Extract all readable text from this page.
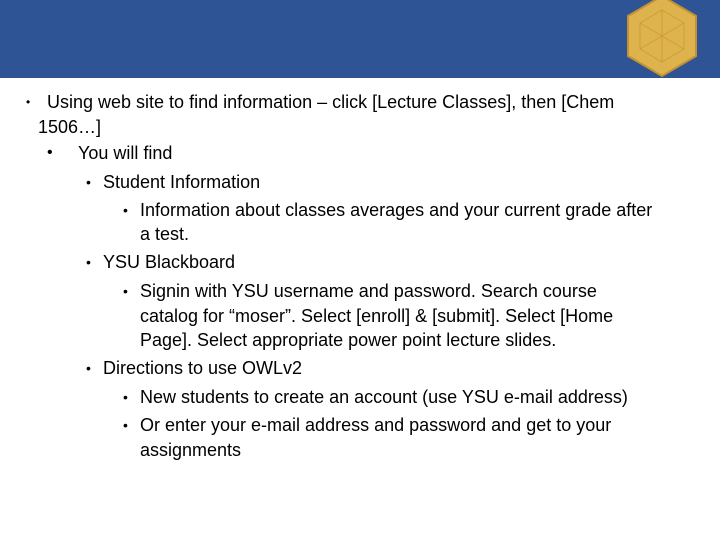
• Using web site to find information – click [Lecture Classes], then [Chem
1506…]
• You will find
• Student Information
• Information about classes averages and your current grade after
a test.
• YSU Blackboard
• Signin with YSU username and password. Search course
catalog for “moser”. Select [enroll] & [submit]. Select [Home
Page]. Select appropriate power point lecture slides.
• Directions to use OWLv2
• New students to create an account (use YSU e-mail address)
• Or enter your e-mail address and password and get to your
assignments
